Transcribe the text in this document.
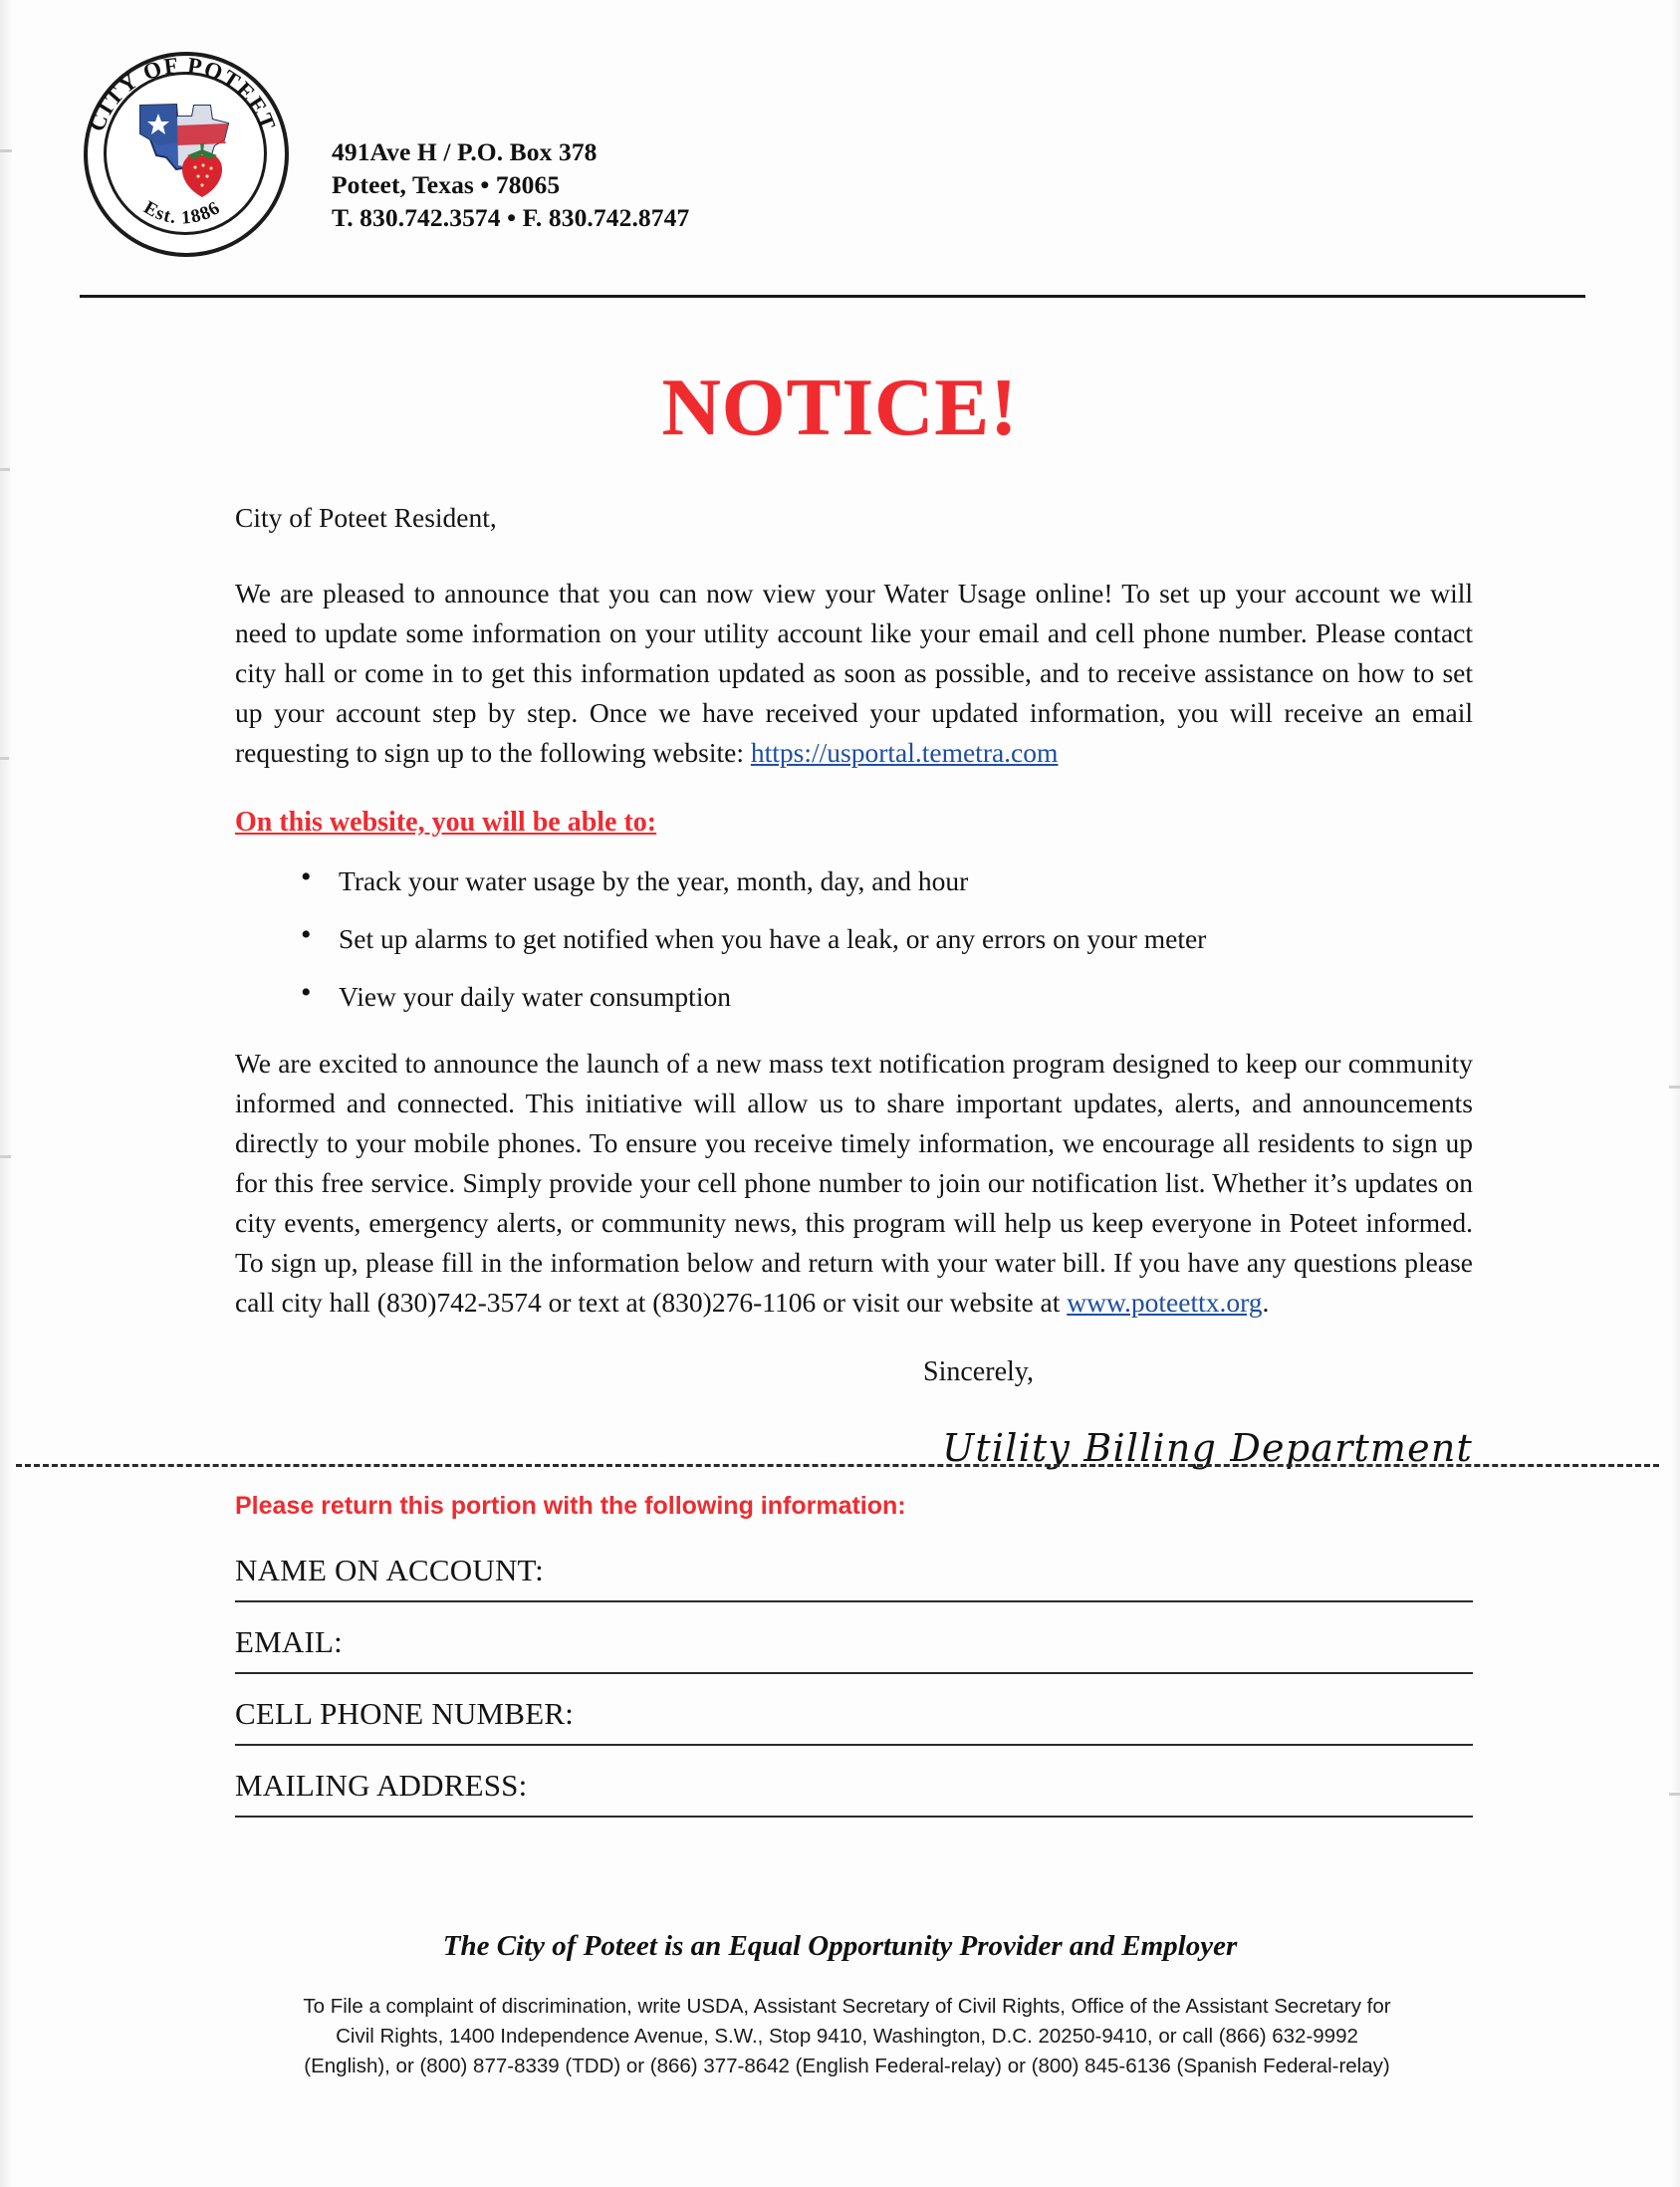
CITY OF POTEET
Est. 1886
491Ave H / P.O. Box 378
Poteet, Texas • 78065
T. 830.742.3574 • F. 830.742.8747
NOTICE!
City of Poteet Resident,

We are pleased to announce that you can now view your Water Usage online! To set up your account we will need to update some information on your utility account like your email and cell phone number. Please contact city hall or come in to get this information updated as soon as possible, and to receive assistance on how to set up your account step by step. Once we have received your updated information, you will receive an email requesting to sign up to the following website: https://usportal.temetra.com

On this website, you will be able to:
• Track your water usage by the year, month, day, and hour
• Set up alarms to get notified when you have a leak, or any errors on your meter
• View your daily water consumption

We are excited to announce the launch of a new mass text notification program designed to keep our community informed and connected. This initiative will allow us to share important updates, alerts, and announcements directly to your mobile phones. To ensure you receive timely information, we encourage all residents to sign up for this free service. Simply provide your cell phone number to join our notification list. Whether it’s updates on city events, emergency alerts, or community news, this program will help us keep everyone in Poteet informed. To sign up, please fill in the information below and return with your water bill. If you have any questions please call city hall (830)742-3574 or text at (830)276-1106 or visit our website at www.poteettx.org.

Sincerely,
Utility Billing Department
Please return this portion with the following information:
NAME ON ACCOUNT:
EMAIL:
CELL PHONE NUMBER:
MAILING ADDRESS:
The City of Poteet is an Equal Opportunity Provider and Employer
To File a complaint of discrimination, write USDA, Assistant Secretary of Civil Rights, Office of the Assistant Secretary for
Civil Rights, 1400 Independence Avenue, S.W., Stop 9410, Washington, D.C. 20250-9410, or call (866) 632-9992
(English), or (800) 877-8339 (TDD) or (866) 377-8642 (English Federal-relay) or (800) 845-6136 (Spanish Federal-relay)
